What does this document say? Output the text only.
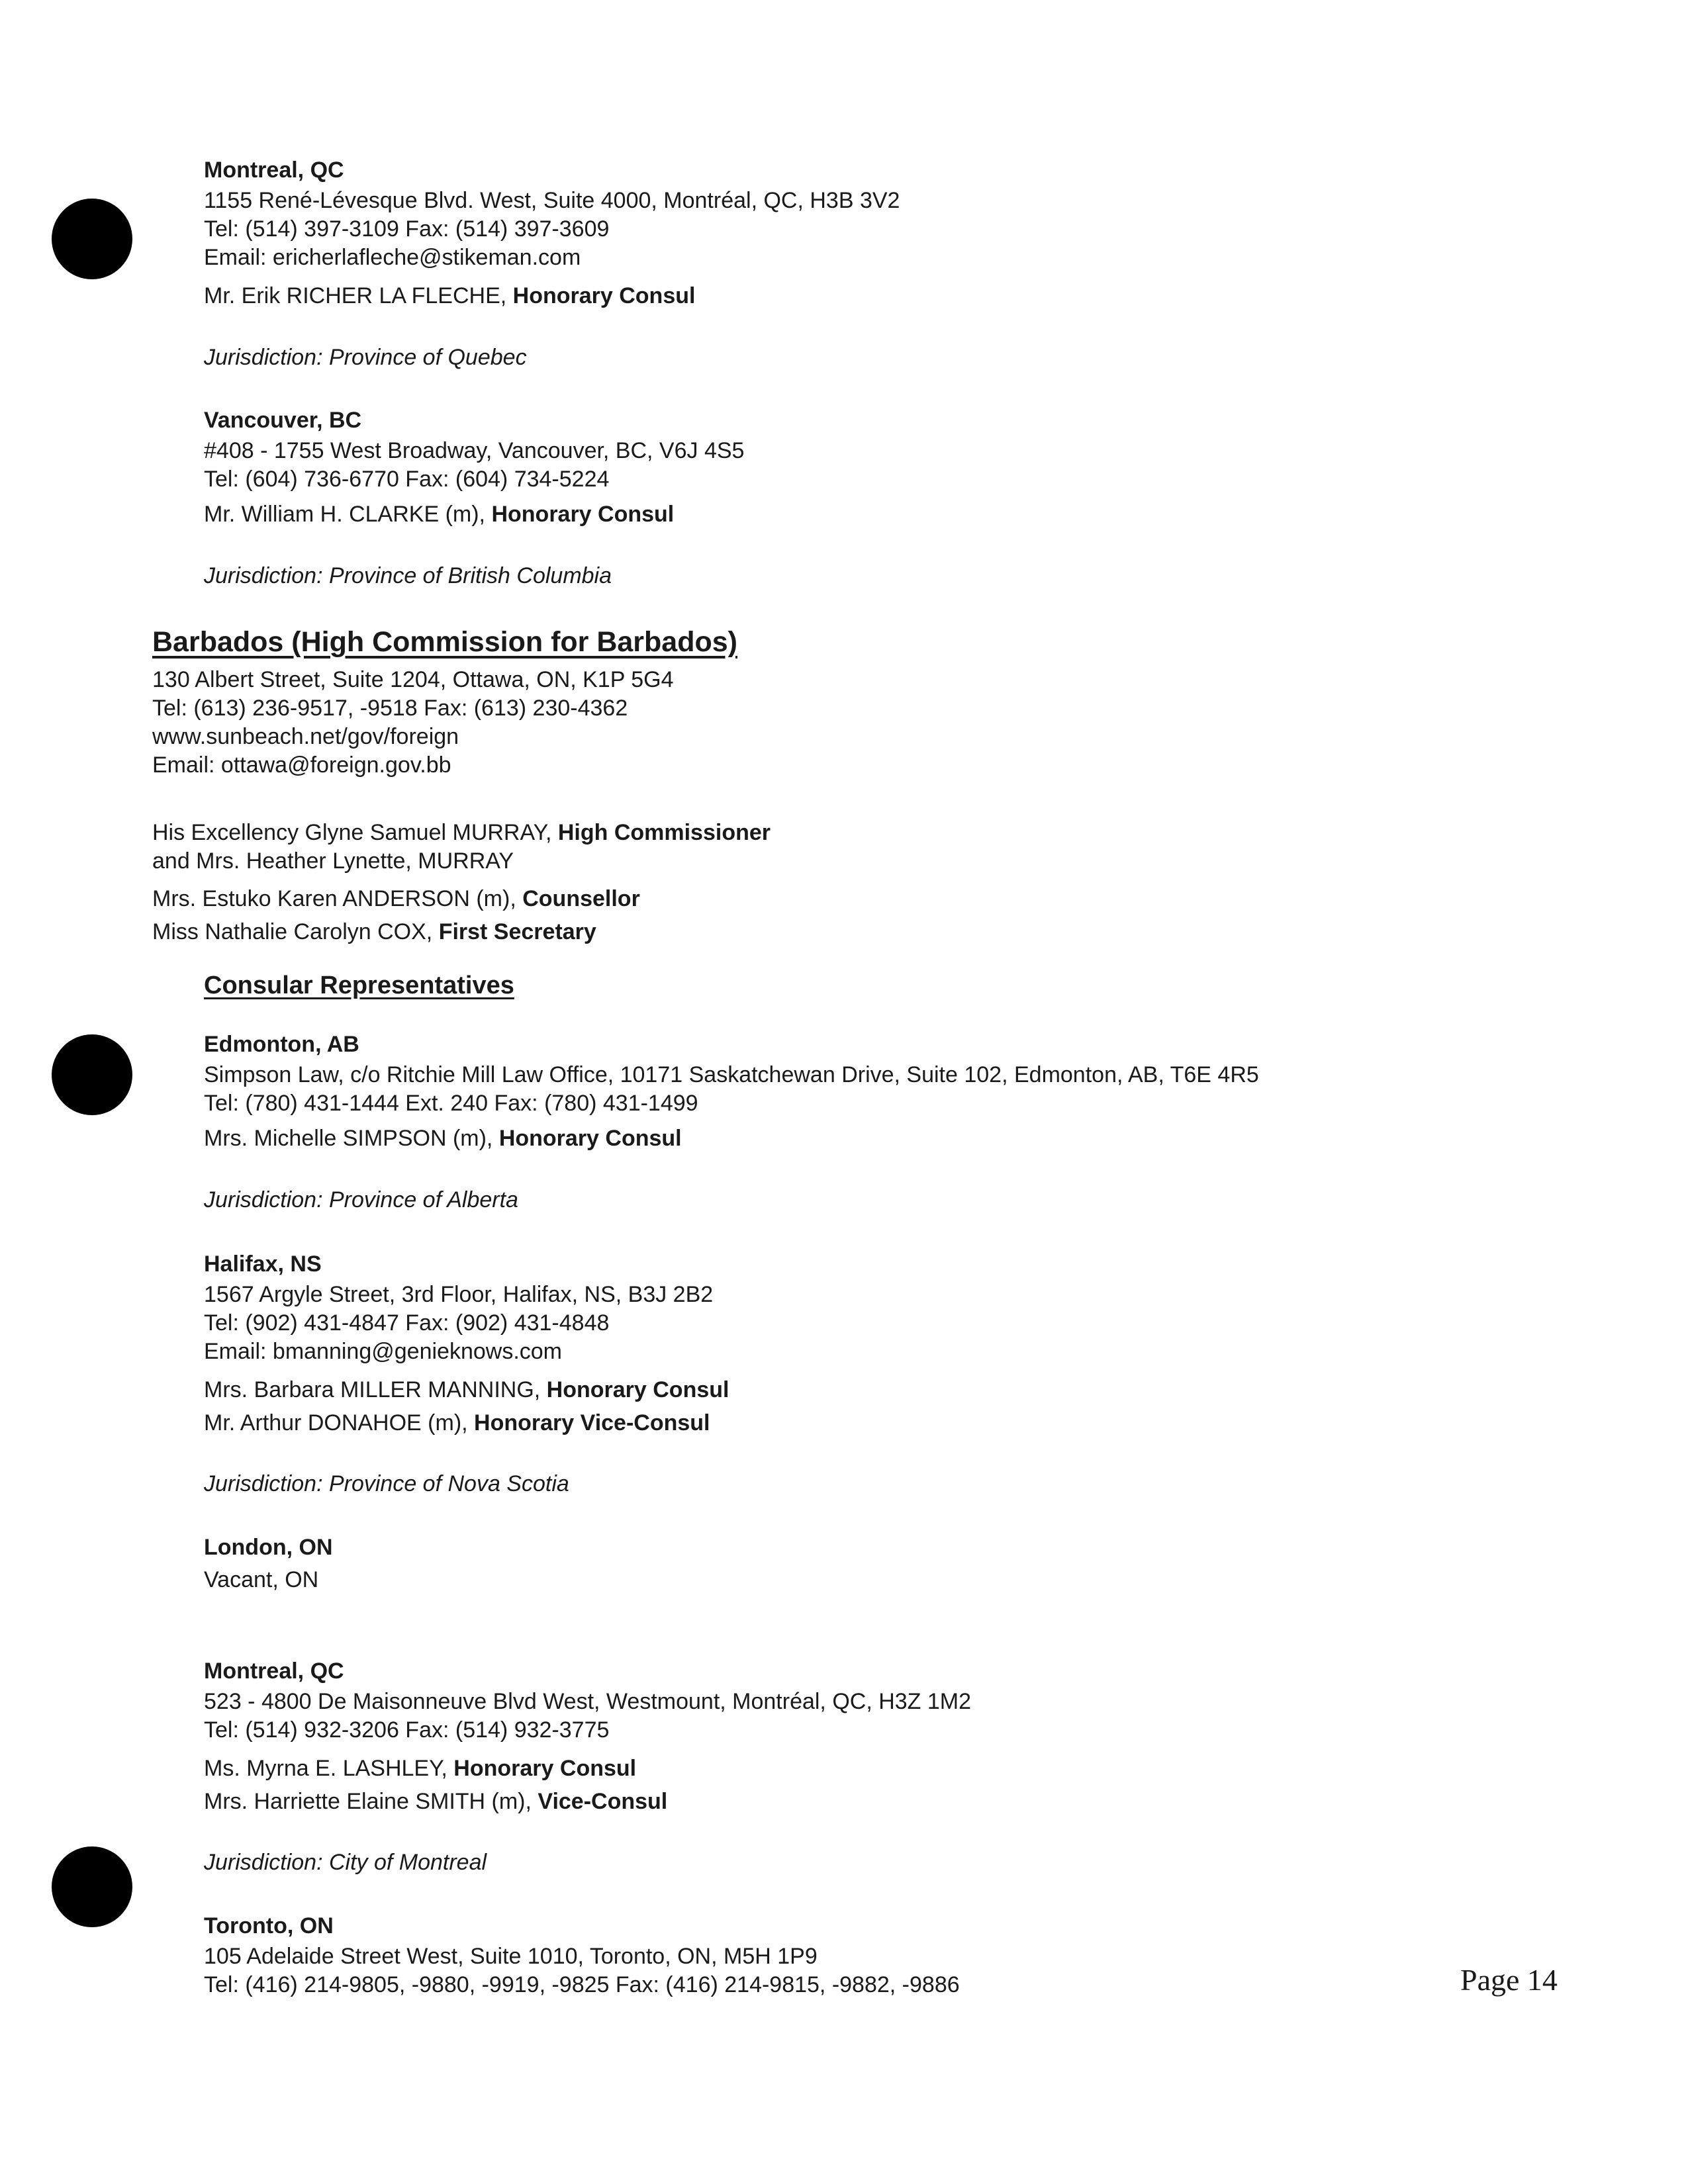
Montreal, QC
1155 René-Lévesque Blvd. West, Suite 4000, Montréal, QC, H3B 3V2
Tel: (514) 397-3109 Fax: (514) 397-3609
Email: ericherlafleche@stikeman.com
Mr. Erik RICHER LA FLECHE, Honorary Consul
Jurisdiction: Province of Quebec
Vancouver, BC
#408 - 1755 West Broadway, Vancouver, BC, V6J 4S5
Tel: (604) 736-6770 Fax: (604) 734-5224
Mr. William H. CLARKE (m), Honorary Consul
Jurisdiction: Province of British Columbia
Barbados (High Commission for Barbados)
130 Albert Street, Suite 1204, Ottawa, ON, K1P 5G4
Tel: (613) 236-9517, -9518 Fax: (613) 230-4362
www.sunbeach.net/gov/foreign
Email: ottawa@foreign.gov.bb
His Excellency Glyne Samuel MURRAY, High Commissioner
and Mrs. Heather Lynette, MURRAY
Mrs. Estuko Karen ANDERSON (m), Counsellor
Miss Nathalie Carolyn COX, First Secretary
Consular Representatives
Edmonton, AB
Simpson Law, c/o Ritchie Mill Law Office, 10171 Saskatchewan Drive, Suite 102, Edmonton, AB, T6E 4R5
Tel: (780) 431-1444 Ext. 240 Fax: (780) 431-1499
Mrs. Michelle SIMPSON (m), Honorary Consul
Jurisdiction: Province of Alberta
Halifax, NS
1567 Argyle Street, 3rd Floor, Halifax, NS, B3J 2B2
Tel: (902) 431-4847 Fax: (902) 431-4848
Email: bmanning@genieknows.com
Mrs. Barbara MILLER MANNING, Honorary Consul
Mr. Arthur DONAHOE (m), Honorary Vice-Consul
Jurisdiction: Province of Nova Scotia
London, ON
Vacant, ON
Montreal, QC
523 - 4800 De Maisonneuve Blvd West, Westmount, Montréal, QC, H3Z 1M2
Tel: (514) 932-3206 Fax: (514) 932-3775
Ms. Myrna E. LASHLEY, Honorary Consul
Mrs. Harriette Elaine SMITH (m), Vice-Consul
Jurisdiction: City of Montreal
Toronto, ON
105 Adelaide Street West, Suite 1010, Toronto, ON, M5H 1P9
Tel: (416) 214-9805, -9880, -9919, -9825 Fax: (416) 214-9815, -9882, -9886	Page 14
